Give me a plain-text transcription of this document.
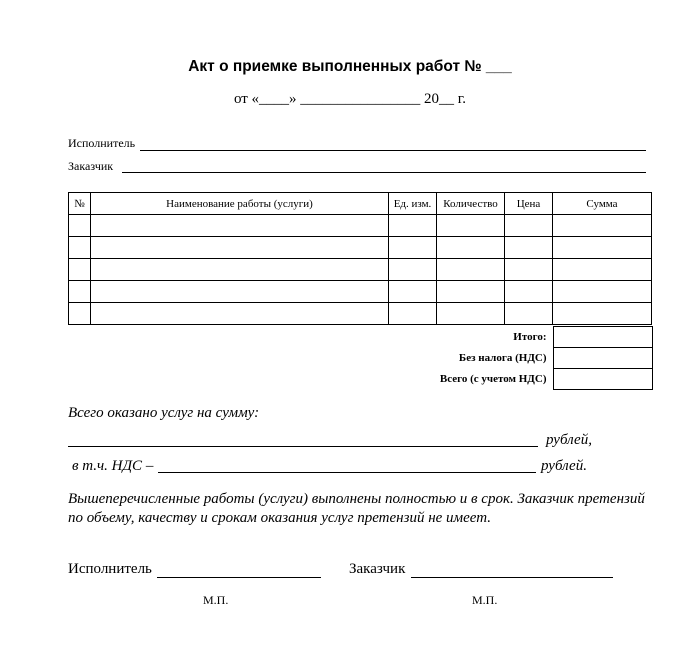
Акт о приемке выполненных работ № ___
от «____» ________________ 20__ г.
Исполнитель
Заказчик
№	Наименование работы (услуги)	Ед. изм.	Количество	Цена	Сумма

Итого:	
Без налога (НДС)	
Всего (с учетом НДС)	
Всего оказано услуг на сумму:
рублей,
в т.ч. НДС –	рублей.
Вышеперечисленные работы (услуги) выполнены полностью и в срок. Заказчик претензий
по объему, качеству и срокам оказания услуг претензий не имеет.
Исполнитель	Заказчик
М.П.	М.П.
